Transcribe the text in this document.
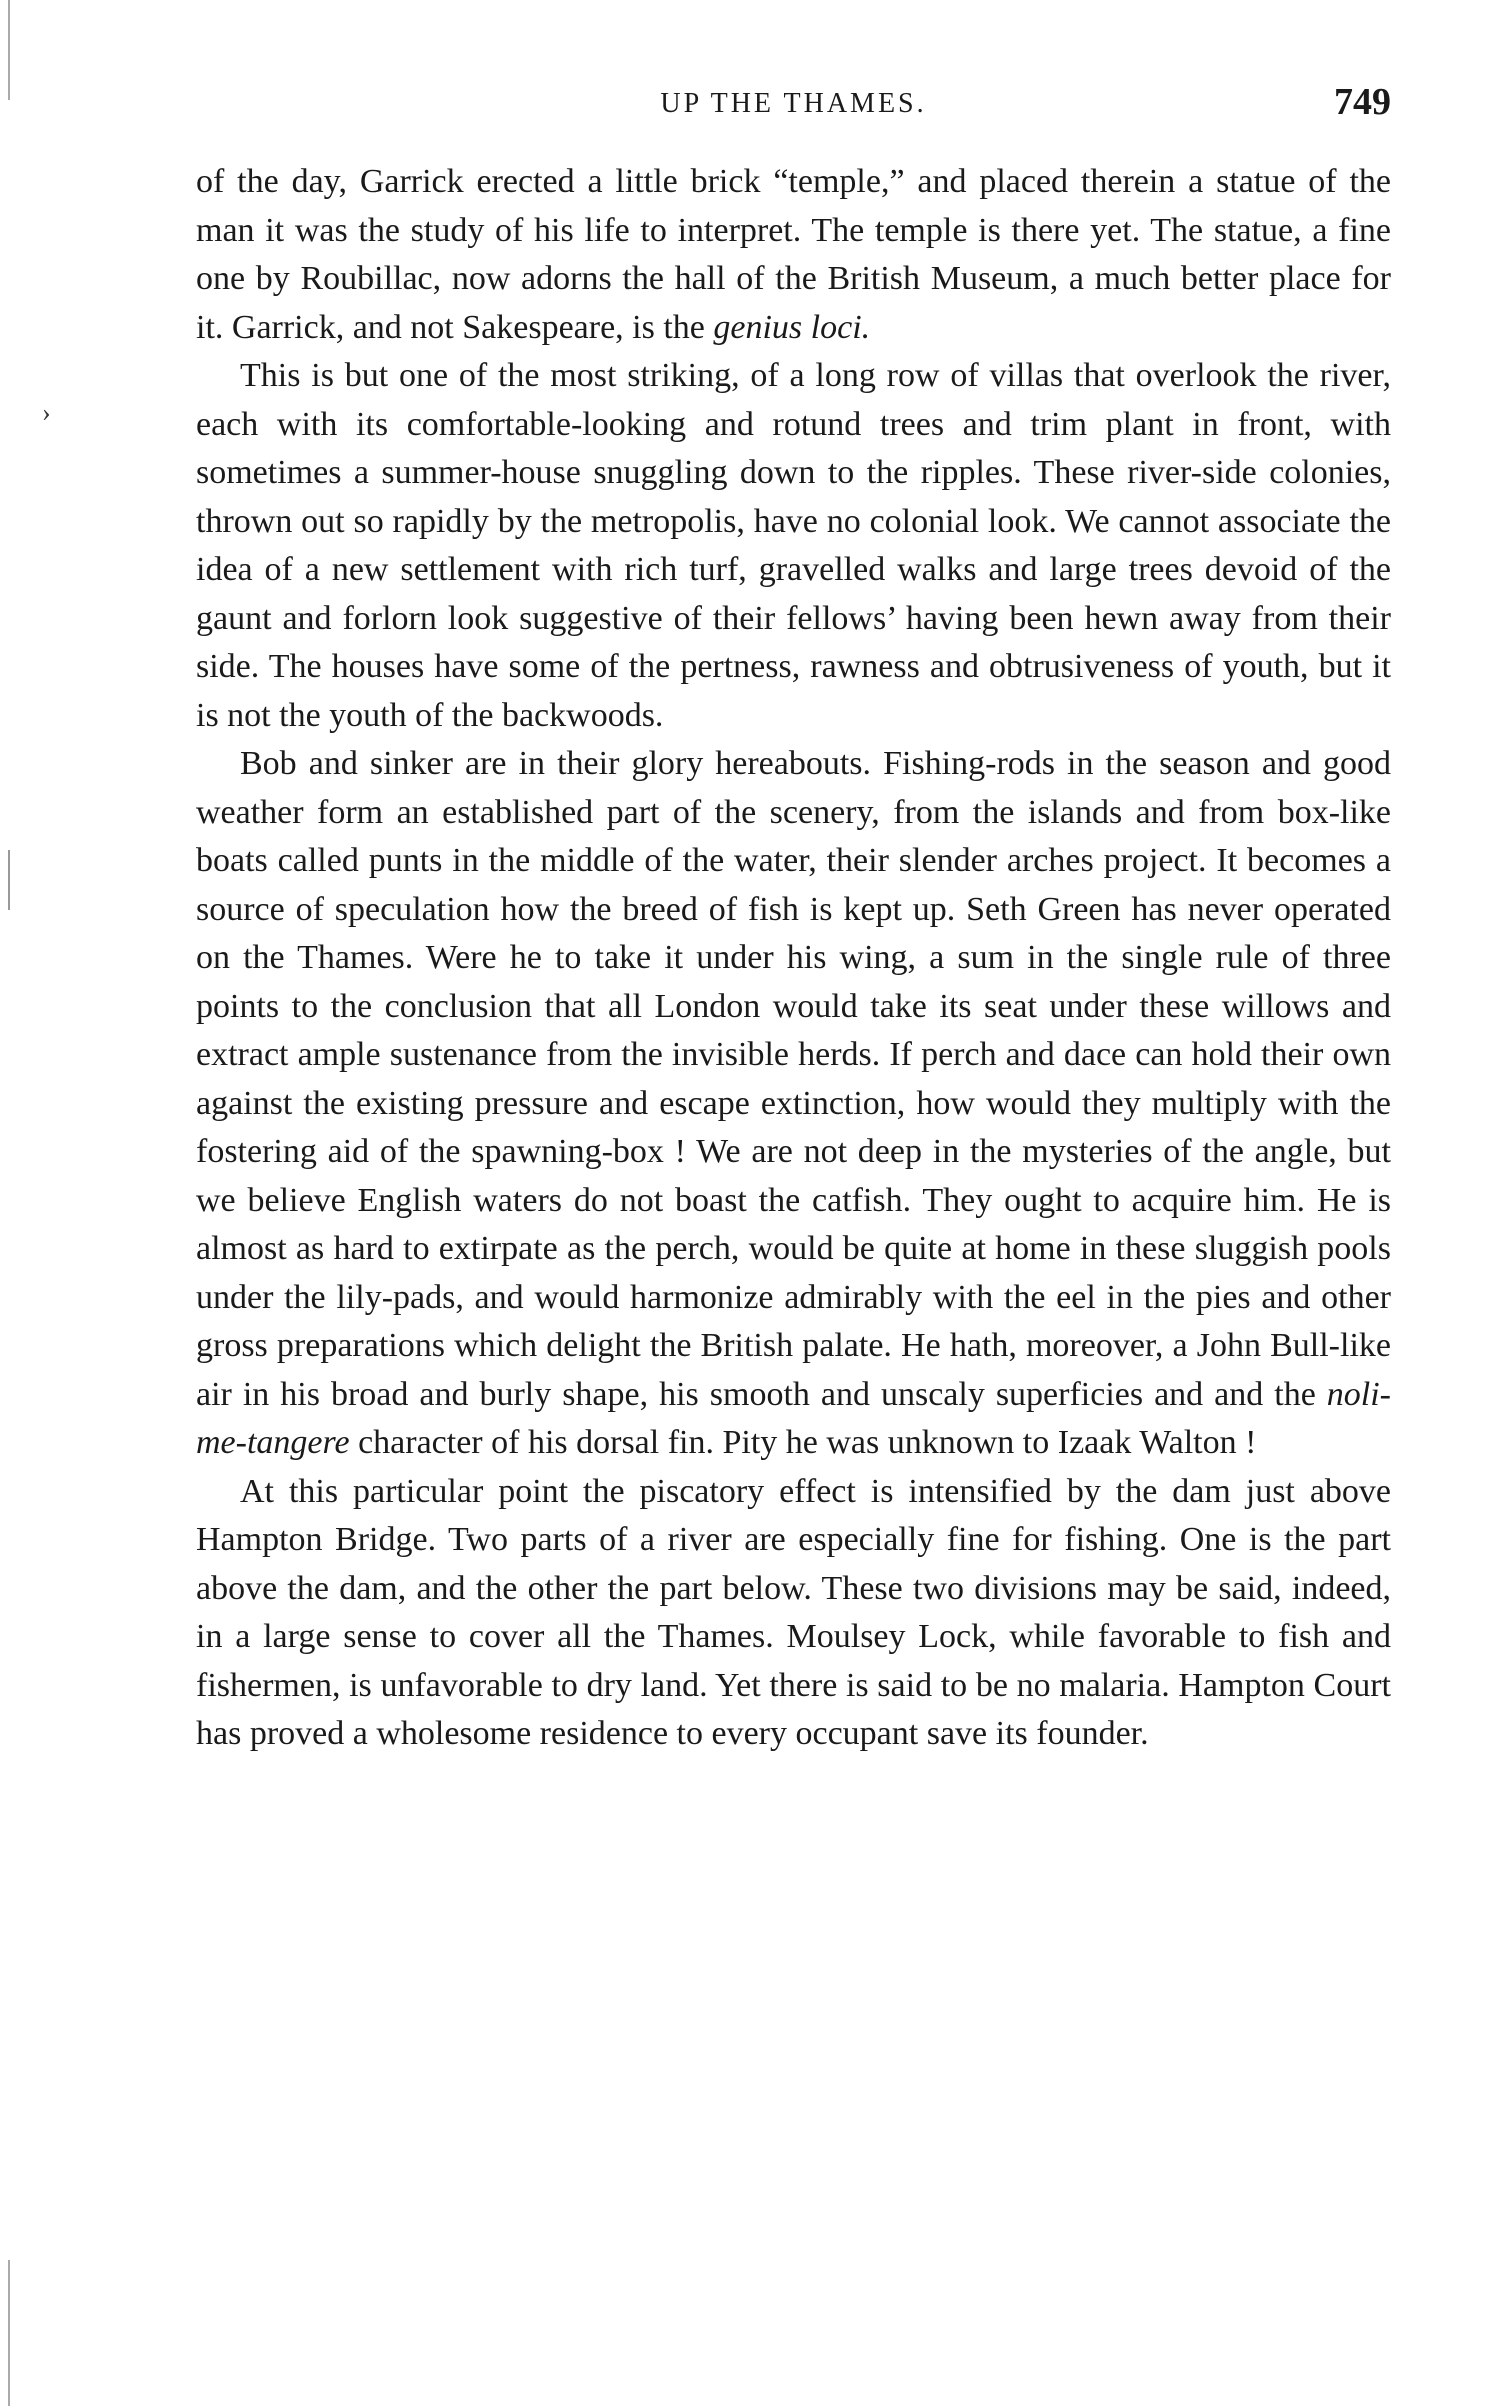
›
UP THE THAMES.	749

of the day, Garrick erected a little brick “temple,” and placed therein a statue of the man it was the study of his life to interpret. The temple is there yet. The statue, a fine one by Roubillac, now adorns the hall of the British Museum, a much better place for it. Garrick, and not Sakespeare, is the genius loci.

This is but one of the most striking, of a long row of villas that overlook the river, each with its comfortable-looking and rotund trees and trim plant in front, with sometimes a summer-house snuggling down to the ripples. These river-side colonies, thrown out so rapidly by the metropolis, have no colonial look. We cannot associate the idea of a new settlement with rich turf, gravelled walks and large trees devoid of the gaunt and forlorn look suggestive of their fellows’ having been hewn away from their side. The houses have some of the pertness, rawness and obtrusiveness of youth, but it is not the youth of the backwoods.

Bob and sinker are in their glory hereabouts. Fishing-rods in the season and good weather form an established part of the scenery, from the islands and from box-like boats called punts in the middle of the water, their slender arches project. It becomes a source of speculation how the breed of fish is kept up. Seth Green has never operated on the Thames. Were he to take it under his wing, a sum in the single rule of three points to the conclusion that all London would take its seat under these willows and extract ample sustenance from the invisible herds. If perch and dace can hold their own against the existing pressure and escape extinction, how would they multiply with the fostering aid of the spawning-box ! We are not deep in the mysteries of the angle, but we believe English waters do not boast the catfish. They ought to acquire him. He is almost as hard to extirpate as the perch, would be quite at home in these sluggish pools under the lily-pads, and would harmonize admirably with the eel in the pies and other gross preparations which delight the British palate. He hath, moreover, a John Bull-like air in his broad and burly shape, his smooth and unscaly superficies and and the noli-me-tangere character of his dorsal fin. Pity he was unknown to Izaak Walton !

At this particular point the piscatory effect is intensified by the dam just above Hampton Bridge. Two parts of a river are especially fine for fishing. One is the part above the dam, and the other the part below. These two divisions may be said, indeed, in a large sense to cover all the Thames. Moulsey Lock, while favorable to fish and fishermen, is unfavorable to dry land. Yet there is said to be no malaria. Hampton Court has proved a wholesome residence to every occupant save its founder.
